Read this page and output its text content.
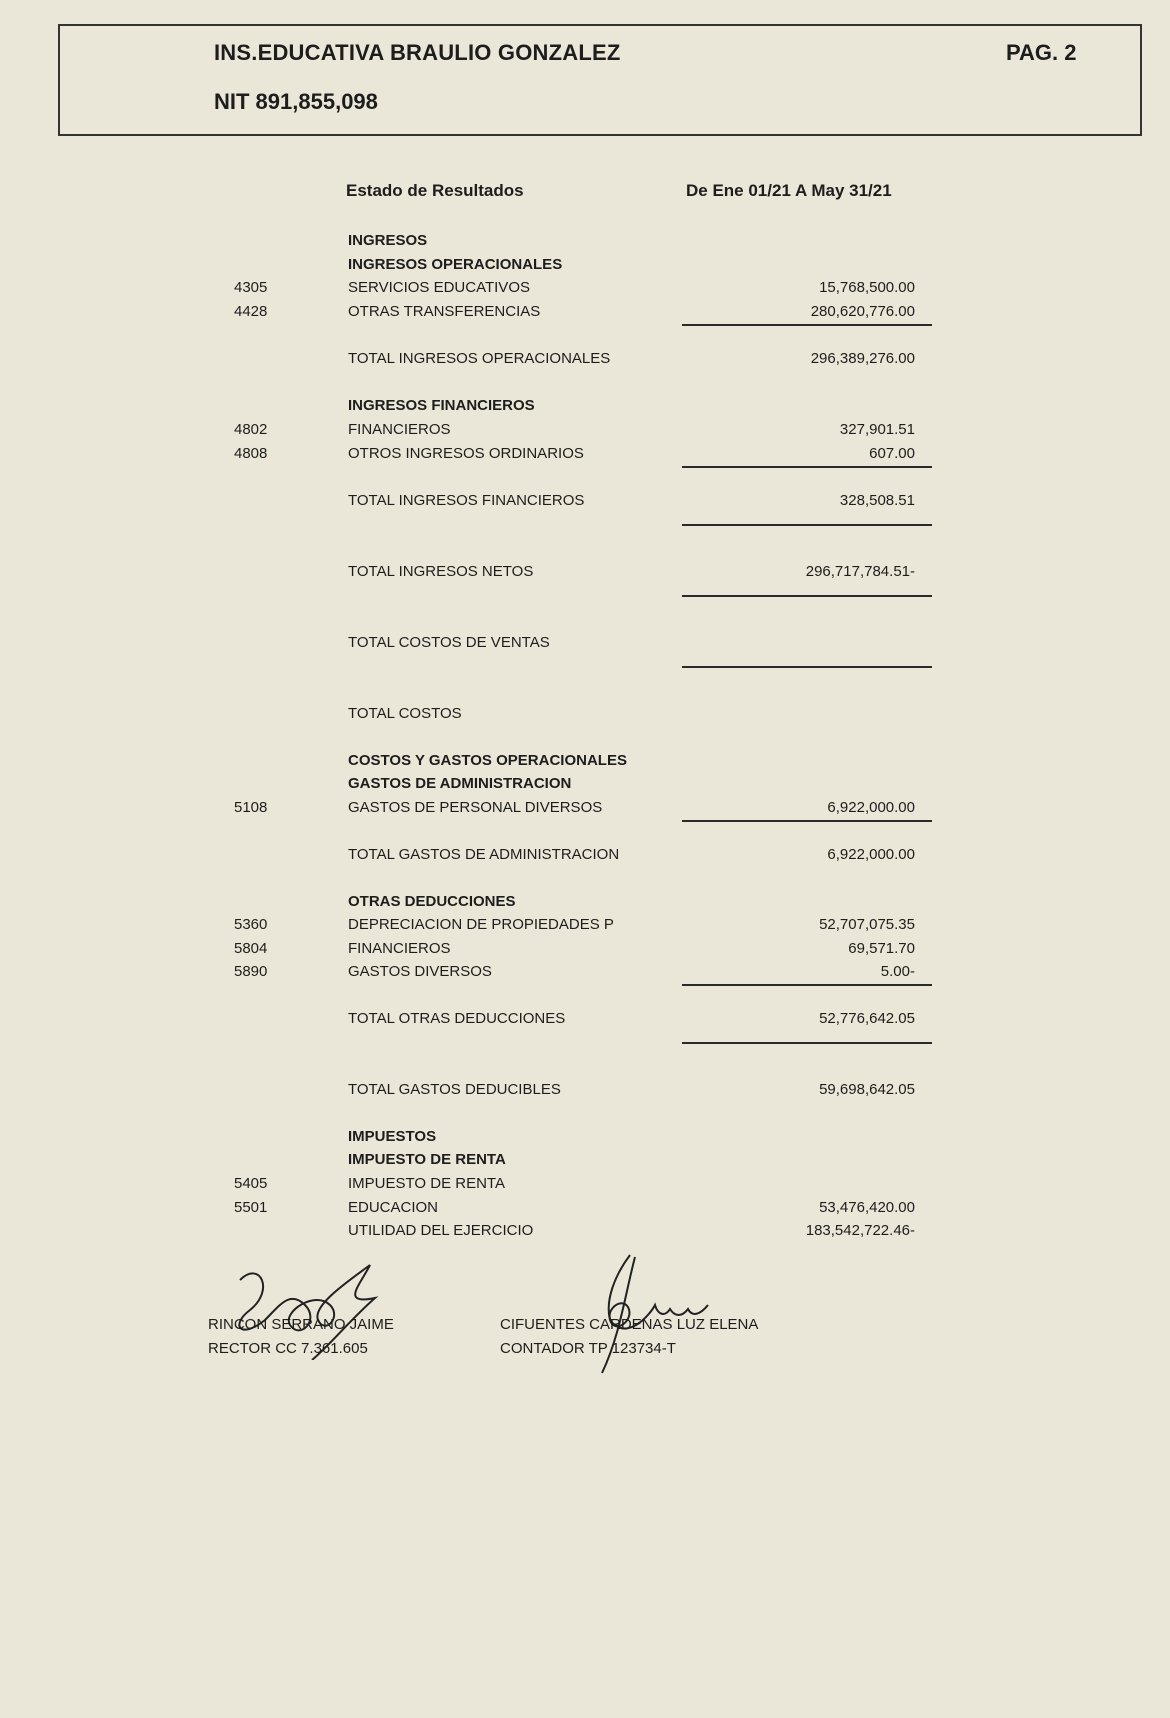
INS.EDUCATIVA BRAULIO GONZALEZ
NIT 891,855,098
PAG. 2
Estado de Resultados	De Ene 01/21 A May 31/21
INGRESOS
INGRESOS OPERACIONALES
4305	SERVICIOS EDUCATIVOS	15,768,500.00
4428	OTRAS TRANSFERENCIAS	280,620,776.00
TOTAL INGRESOS OPERACIONALES	296,389,276.00
INGRESOS FINANCIEROS
4802	FINANCIEROS	327,901.51
4808	OTROS INGRESOS ORDINARIOS	607.00
TOTAL INGRESOS FINANCIEROS	328,508.51
TOTAL INGRESOS NETOS	296,717,784.51-
TOTAL COSTOS DE VENTAS
TOTAL COSTOS
COSTOS Y GASTOS OPERACIONALES
GASTOS DE ADMINISTRACION
5108	GASTOS DE PERSONAL DIVERSOS	6,922,000.00
TOTAL GASTOS DE ADMINISTRACION	6,922,000.00
OTRAS DEDUCCIONES
5360	DEPRECIACION DE PROPIEDADES P	52,707,075.35
5804	FINANCIEROS	69,571.70
5890	GASTOS DIVERSOS	5.00-
TOTAL OTRAS DEDUCCIONES	52,776,642.05
TOTAL GASTOS DEDUCIBLES	59,698,642.05
IMPUESTOS
IMPUESTO DE RENTA
5405	IMPUESTO DE RENTA
5501	EDUCACION	53,476,420.00
UTILIDAD DEL EJERCICIO	183,542,722.46-
RINCON SERRANO JAIME
RECTOR CC 7.361.605
CIFUENTES CARDENAS LUZ ELENA
CONTADOR TP 123734-T
